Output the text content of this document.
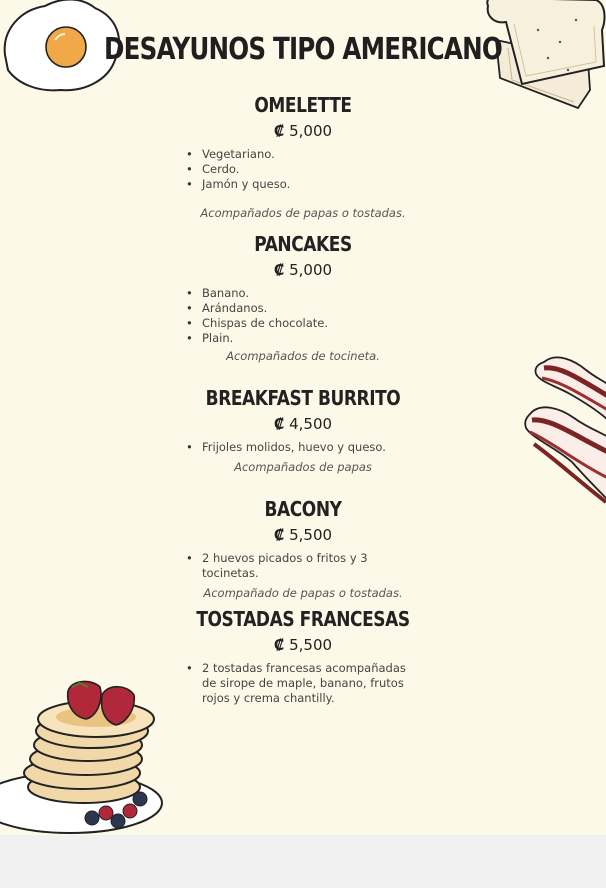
DESAYUNOS TIPO AMERICANO
OMELETTE
₡ 5,000
• Vegetariano.
• Cerdo.
• Jamón y queso.
Acompañados de papas o tostadas.
PANCAKES
₡ 5,000
• Banano.
• Arándanos.
• Chispas de chocolate.
• Plain.
Acompañados de tocineta.
BREAKFAST BURRITO
₡ 4,500
• Frijoles molidos, huevo y queso.
Acompañados de papas
BACONY
₡ 5,500
• 2 huevos picados o fritos y 3 tocinetas.
Acompañado de papas o tostadas.
TOSTADAS FRANCESAS
₡ 5,500
• 2 tostadas francesas acompañadas de sirope de maple, banano, frutos rojos y crema chantilly.
